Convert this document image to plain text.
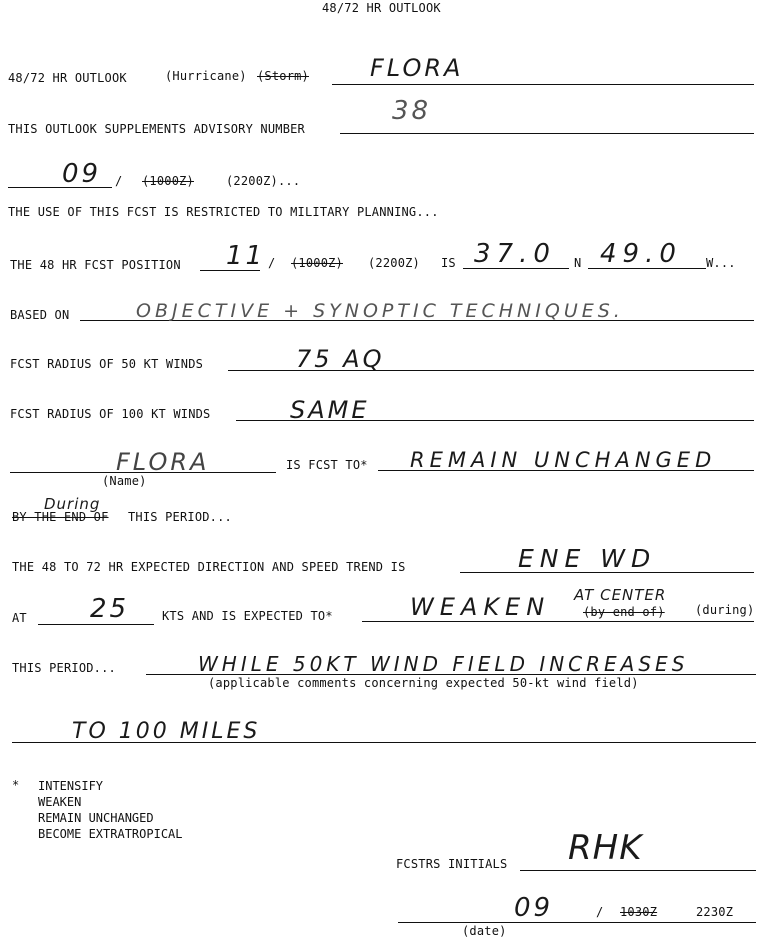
48/72 HR OUTLOOK
48/72 HR OUTLOOK	(Hurricane) (Storm)	FLORA
THIS OUTLOOK SUPPLEMENTS ADVISORY NUMBER
38
09 / (1000Z)	(2200Z)...
THE USE OF THIS FCST IS RESTRICTED TO MILITARY PLANNING...
THE 48 HR FCST POSITION 11 / (1000Z) (2200Z) IS 37.0 N 49.0 W...
BASED ON	OBJECTIVE + SYNOPTIC TECHNIQUES.
FCST RADIUS OF 50 KT WINDS	75 AQ
FCST RADIUS OF 100 KT WINDS	SAME
FLORA
(Name)
IS FCST TO* REMAIN UNCHANGED
During
BY THE END OF THIS PERIOD...
THE 48 TO 72 HR EXPECTED DIRECTION AND SPEED TREND IS	ENE WD
AT 25	KTS AND IS EXPECTED TO*	WEAKEN AT CENTER
(by end of)	(during)
THIS PERIOD...	WHILE 50KT WIND FIELD INCREASES
(applicable comments concerning expected 50-kt wind field)
TO 100 MILES
* INTENSIFY
WEAKEN
REMAIN UNCHANGED
BECOME EXTRATROPICAL
FCSTRS INITIALS RHK
09	/ 1030Z	2230Z
(date)
